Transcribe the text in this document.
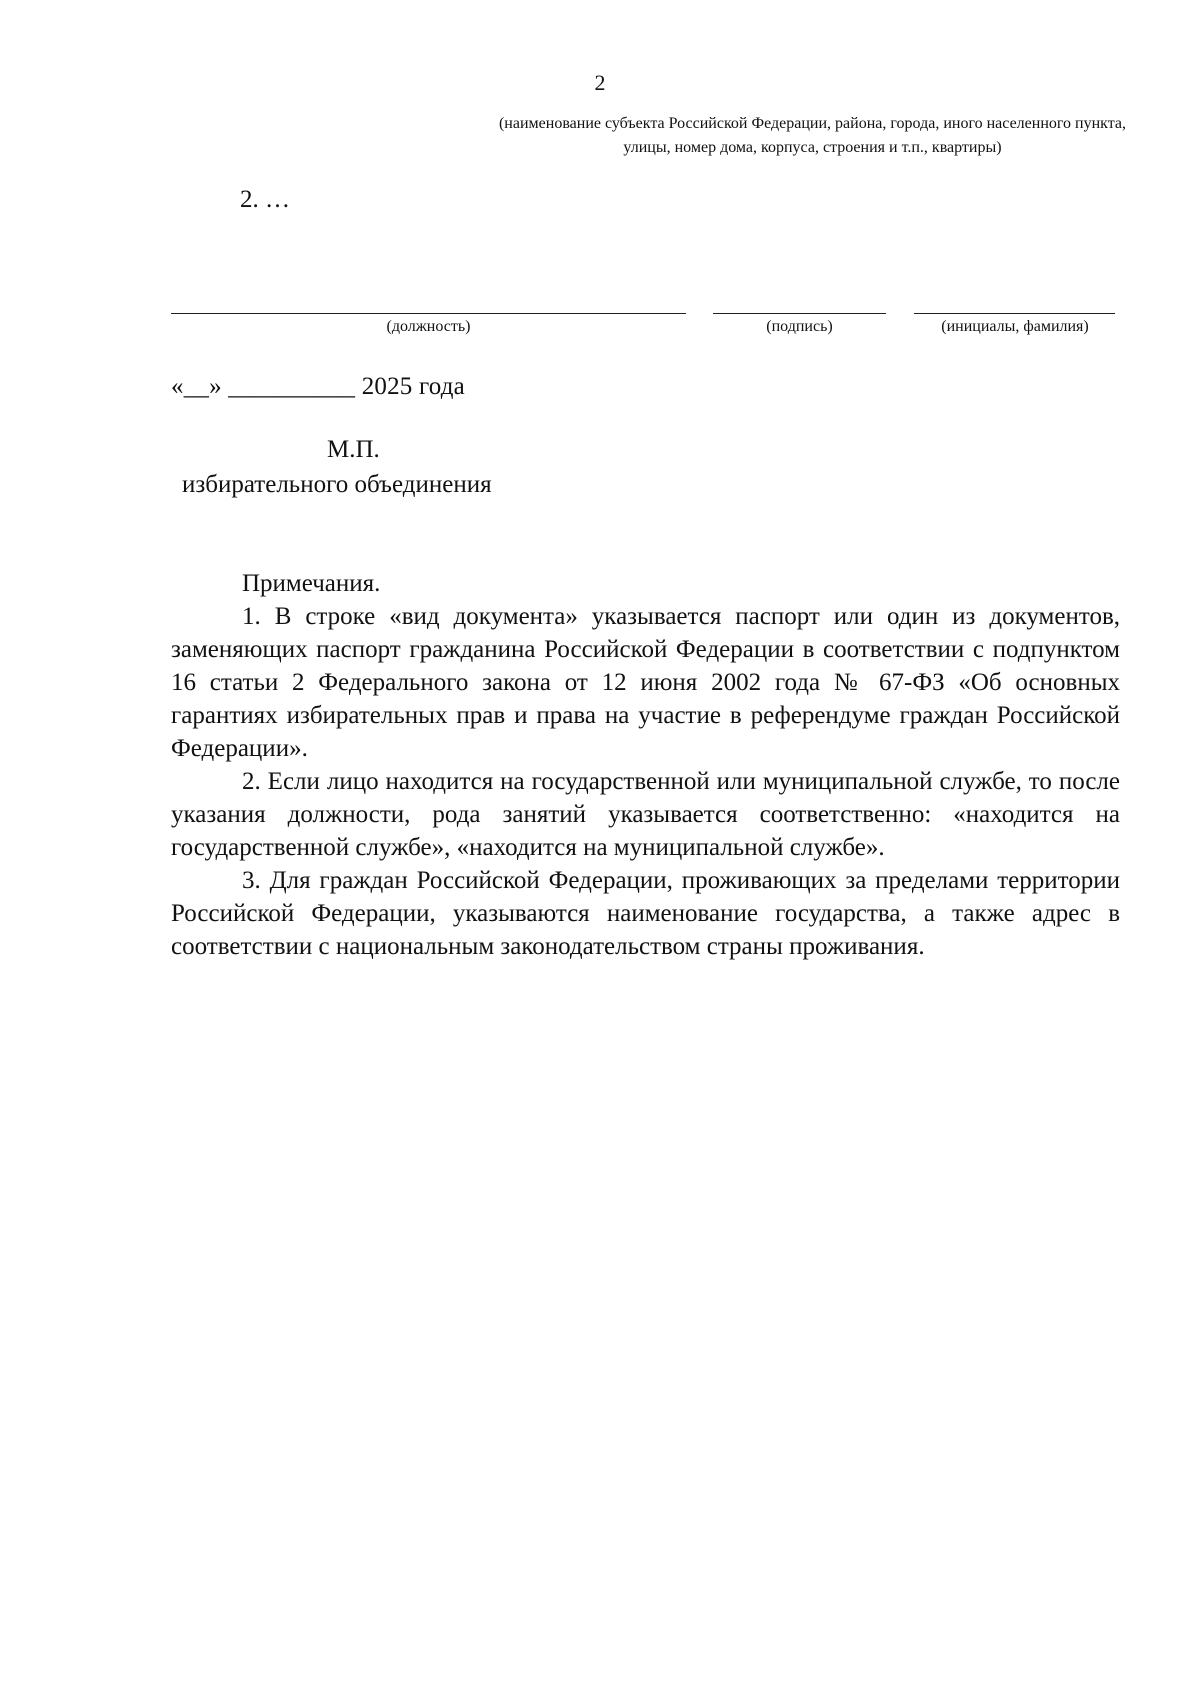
2
(наименование субъекта Российской Федерации, района, города, иного населенного пункта, улицы, номер дома, корпуса, строения и т.п., квартиры)
2. …
(должность)	(подпись)	(инициалы, фамилия)
«__» __________ 2025 года
М.П.
избирательного объединения

Примечания.

1. В строке «вид документа» указывается паспорт или один из документов, заменяющих паспорт гражданина Российской Федерации в соответствии с подпунктом 16 статьи 2 Федерального закона от 12 июня 2002 года № 67-ФЗ «Об основных гарантиях избирательных прав и права на участие в референдуме граждан Российской Федерации».

2. Если лицо находится на государственной или муниципальной службе, то после указания должности, рода занятий указывается соответственно: «находится на государственной службе», «находится на муниципальной службе».

3. Для граждан Российской Федерации, проживающих за пределами территории Российской Федерации, указываются наименование государства, а также адрес в соответствии с национальным законодательством страны проживания.
